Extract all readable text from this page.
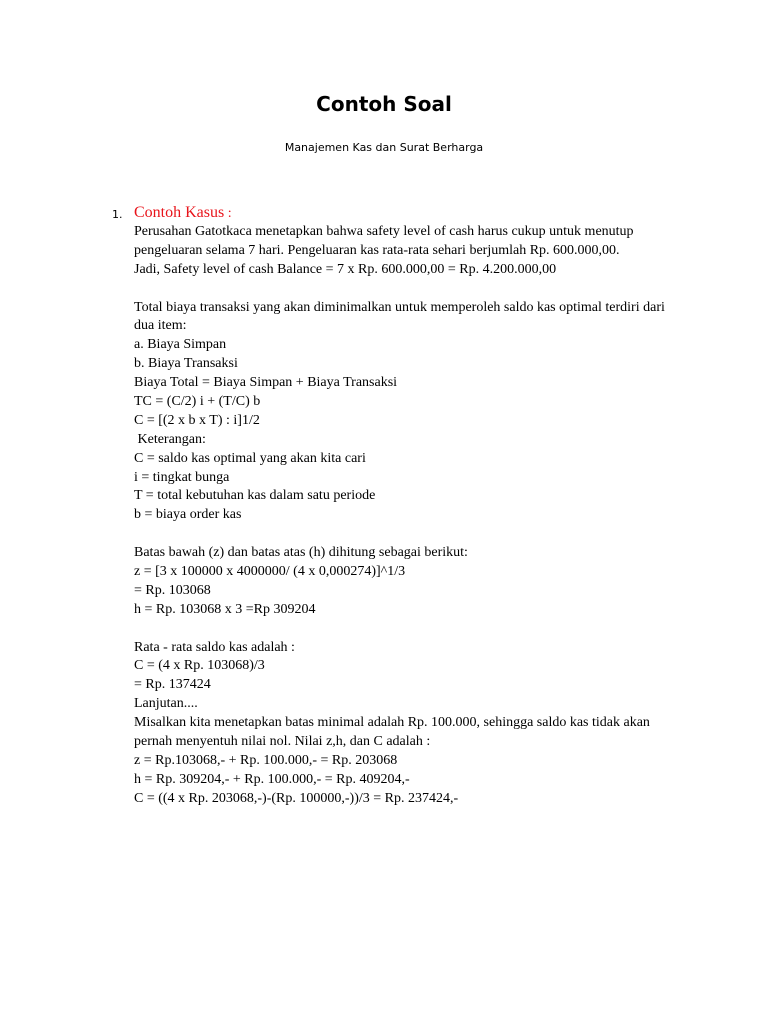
Contoh Soal
Manajemen Kas dan Surat Berharga
1. Contoh Kasus :
Perusahan Gatotkaca menetapkan bahwa safety level of cash harus cukup untuk menutup
pengeluaran selama 7 hari. Pengeluaran kas rata-rata sehari berjumlah Rp. 600.000,00.
Jadi, Safety level of cash Balance = 7 x Rp. 600.000,00 = Rp. 4.200.000,00
Total biaya transaksi yang akan diminimalkan untuk memperoleh saldo kas optimal terdiri dari
dua item:
a. Biaya Simpan
b. Biaya Transaksi
Biaya Total = Biaya Simpan + Biaya Transaksi
TC = (C/2) i + (T/C) b
C = [(2 x b x T) : i]1/2
Keterangan:
C = saldo kas optimal yang akan kita cari
i = tingkat bunga
T = total kebutuhan kas dalam satu periode
b = biaya order kas
Batas bawah (z) dan batas atas (h) dihitung sebagai berikut:
z = [3 x 100000 x 4000000/ (4 x 0,000274)]^1/3
= Rp. 103068
h = Rp. 103068 x 3 =Rp 309204
Rata - rata saldo kas adalah :
C = (4 x Rp. 103068)/3
= Rp. 137424
Lanjutan....
Misalkan kita menetapkan batas minimal adalah Rp. 100.000, sehingga saldo kas tidak akan
pernah menyentuh nilai nol. Nilai z,h, dan C adalah :
z = Rp.103068,- + Rp. 100.000,- = Rp. 203068
h = Rp. 309204,- + Rp. 100.000,- = Rp. 409204,-
C = ((4 x Rp. 203068,-)-(Rp. 100000,-))/3 = Rp. 237424,-
